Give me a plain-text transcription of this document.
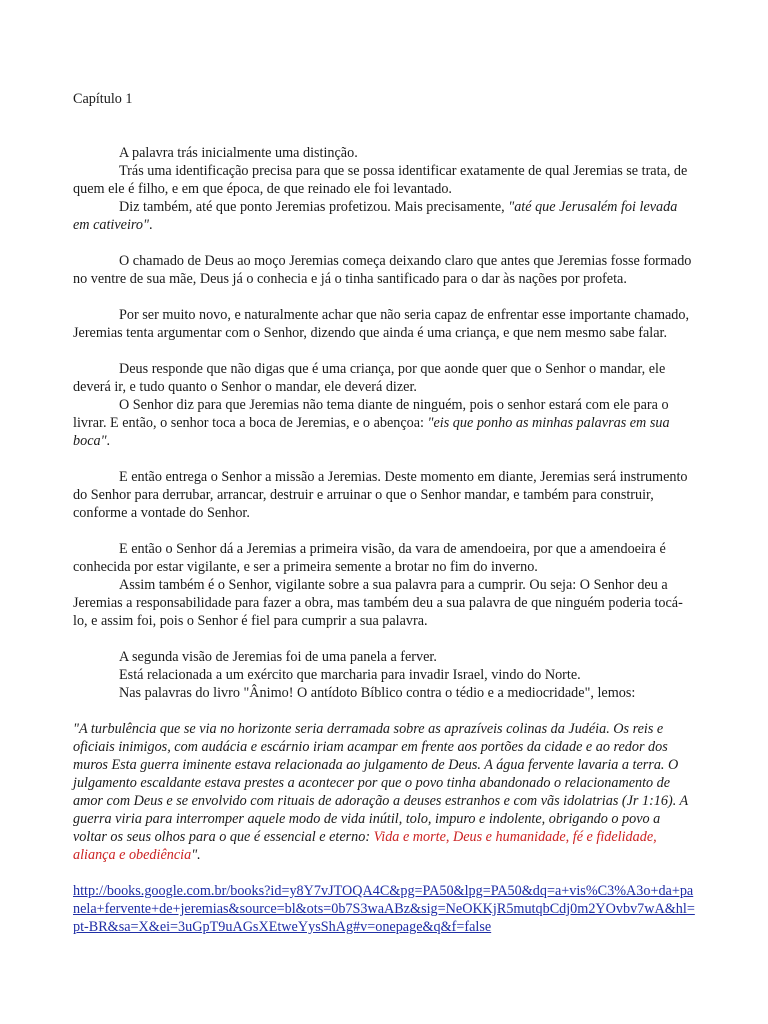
Capítulo 1

A palavra trás inicialmente uma distinção.

Trás uma identificação precisa para que se possa identificar exatamente de qual Jeremias se trata, de quem ele é filho, e em que época, de que reinado ele foi levantado.

Diz também, até que ponto Jeremias profetizou. Mais precisamente, "até que Jerusalém foi levada em cativeiro".

O chamado de Deus ao moço Jeremias começa deixando claro que antes que Jeremias fosse formado no ventre de sua mãe, Deus já o conhecia e já o tinha santificado para o dar às nações por profeta.

Por ser muito novo, e naturalmente achar que não seria capaz de enfrentar esse importante chamado, Jeremias tenta argumentar com o Senhor, dizendo que ainda é uma criança, e que nem mesmo sabe falar.

Deus responde que não digas que é uma criança, por que aonde quer que o Senhor o mandar, ele deverá ir, e tudo quanto o Senhor o mandar, ele deverá dizer.

O Senhor diz para que Jeremias não tema diante de ninguém, pois o senhor estará com ele para o livrar. E então, o senhor toca a boca de Jeremias, e o abençoa: "eis que ponho as minhas palavras em sua boca".

E então entrega o Senhor a missão a Jeremias. Deste momento em diante, Jeremias será instrumento do Senhor para derrubar, arrancar, destruir e arruinar o que o Senhor mandar, e também para construir, conforme a vontade do Senhor.

E então o Senhor dá a Jeremias a primeira visão, da vara de amendoeira, por que a amendoeira é conhecida por estar vigilante, e ser a primeira semente a brotar no fim do inverno.

Assim também é o Senhor, vigilante sobre a sua palavra para a cumprir. Ou seja: O Senhor deu a Jeremias a responsabilidade para fazer a obra, mas também deu a sua palavra de que ninguém poderia tocá-lo, e assim foi, pois o Senhor é fiel para cumprir a sua palavra.

A segunda visão de Jeremias foi de uma panela a ferver.

Está relacionada a um exército que marcharia para invadir Israel, vindo do Norte.

Nas palavras do livro "Ânimo! O antídoto Bíblico contra o tédio e a mediocridade", lemos:

"A turbulência que se via no horizonte seria derramada sobre as aprazíveis colinas da Judéia. Os reis e oficiais inimigos, com audácia e escárnio iriam acampar em frente aos portões da cidade e ao redor dos muros Esta guerra iminente estava relacionada ao julgamento de Deus. A água fervente lavaria a terra. O julgamento escaldante estava prestes a acontecer por que o povo tinha abandonado o relacionamento de amor com Deus e se envolvido com rituais de adoração a deuses estranhos e com vãs idolatrias (Jr 1:16). A guerra viria para interromper aquele modo de vida inútil, tolo, impuro e indolente, obrigando o povo a voltar os seus olhos para o que é essencial e eterno: Vida e morte, Deus e humanidade, fé e fidelidade, aliança e obediência".

http://books.google.com.br/books?id=y8Y7vJTOQA4C&pg=PA50&lpg=PA50&dq=a+vis%C3%A3o+da+panela+fervente+de+jeremias&source=bl&ots=0b7S3waABz&sig=NeOKKjR5mutqbCdj0m2YOvbv7wA&hl=pt-BR&sa=X&ei=3uGpT9uAGsXEtweYysShAg#v=onepage&q&f=false
